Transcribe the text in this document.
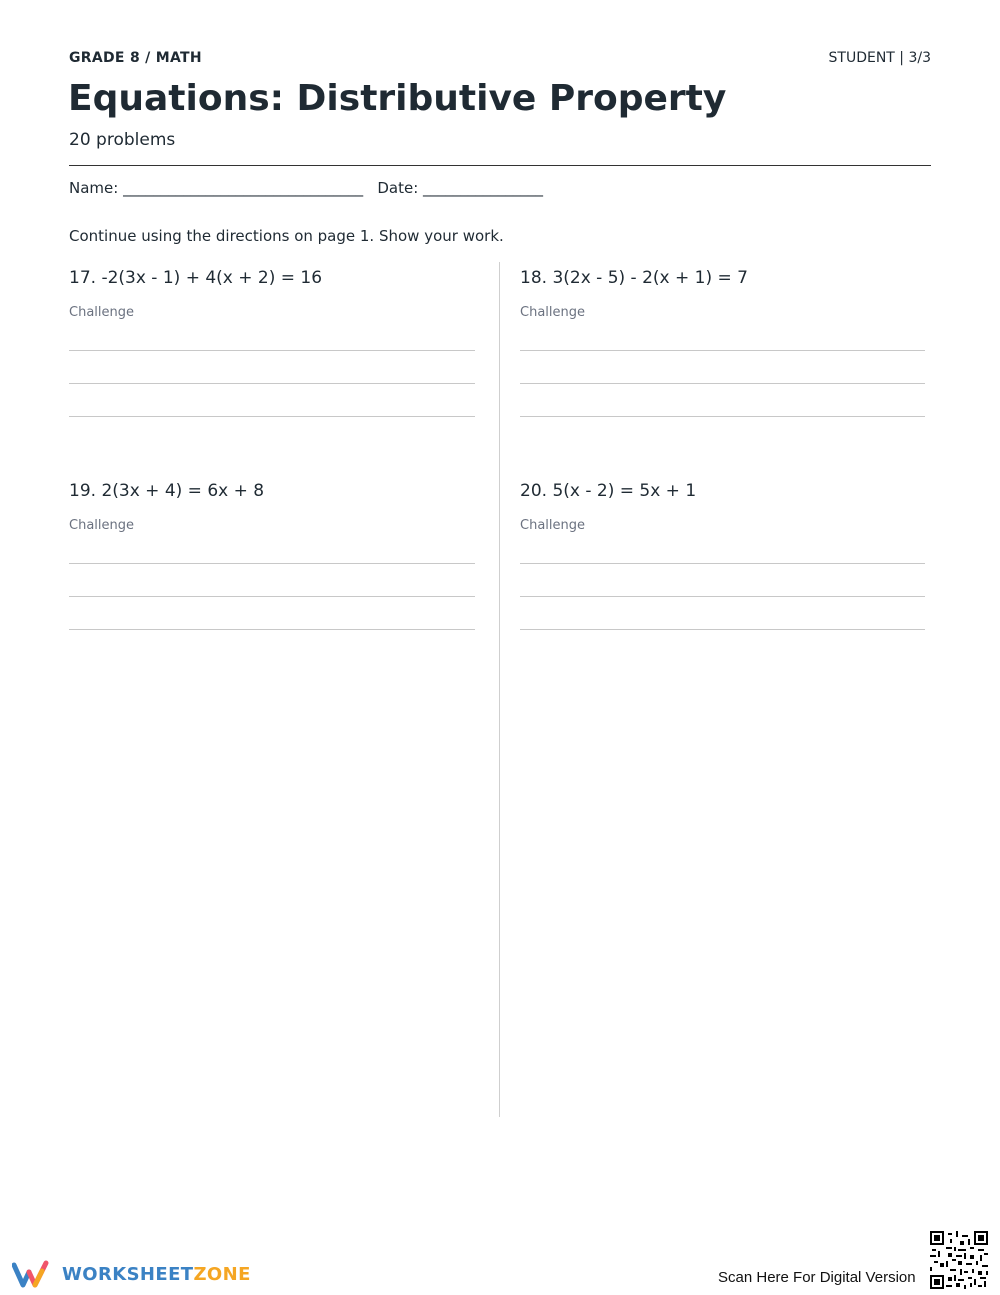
GRADE 8 / MATH	STUDENT | 3/3
Equations: Distributive Property
20 problems
Name: ________________________________   Date: ________________
Continue using the directions on page 1. Show your work.
17. -2(3x - 1) + 4(x + 2) = 16
Challenge
18. 3(2x - 5) - 2(x + 1) = 7
Challenge
19. 2(3x + 4) = 6x + 8
Challenge
20. 5(x - 2) = 5x + 1
Challenge
WORKSHEETZONE	Scan Here For Digital Version
